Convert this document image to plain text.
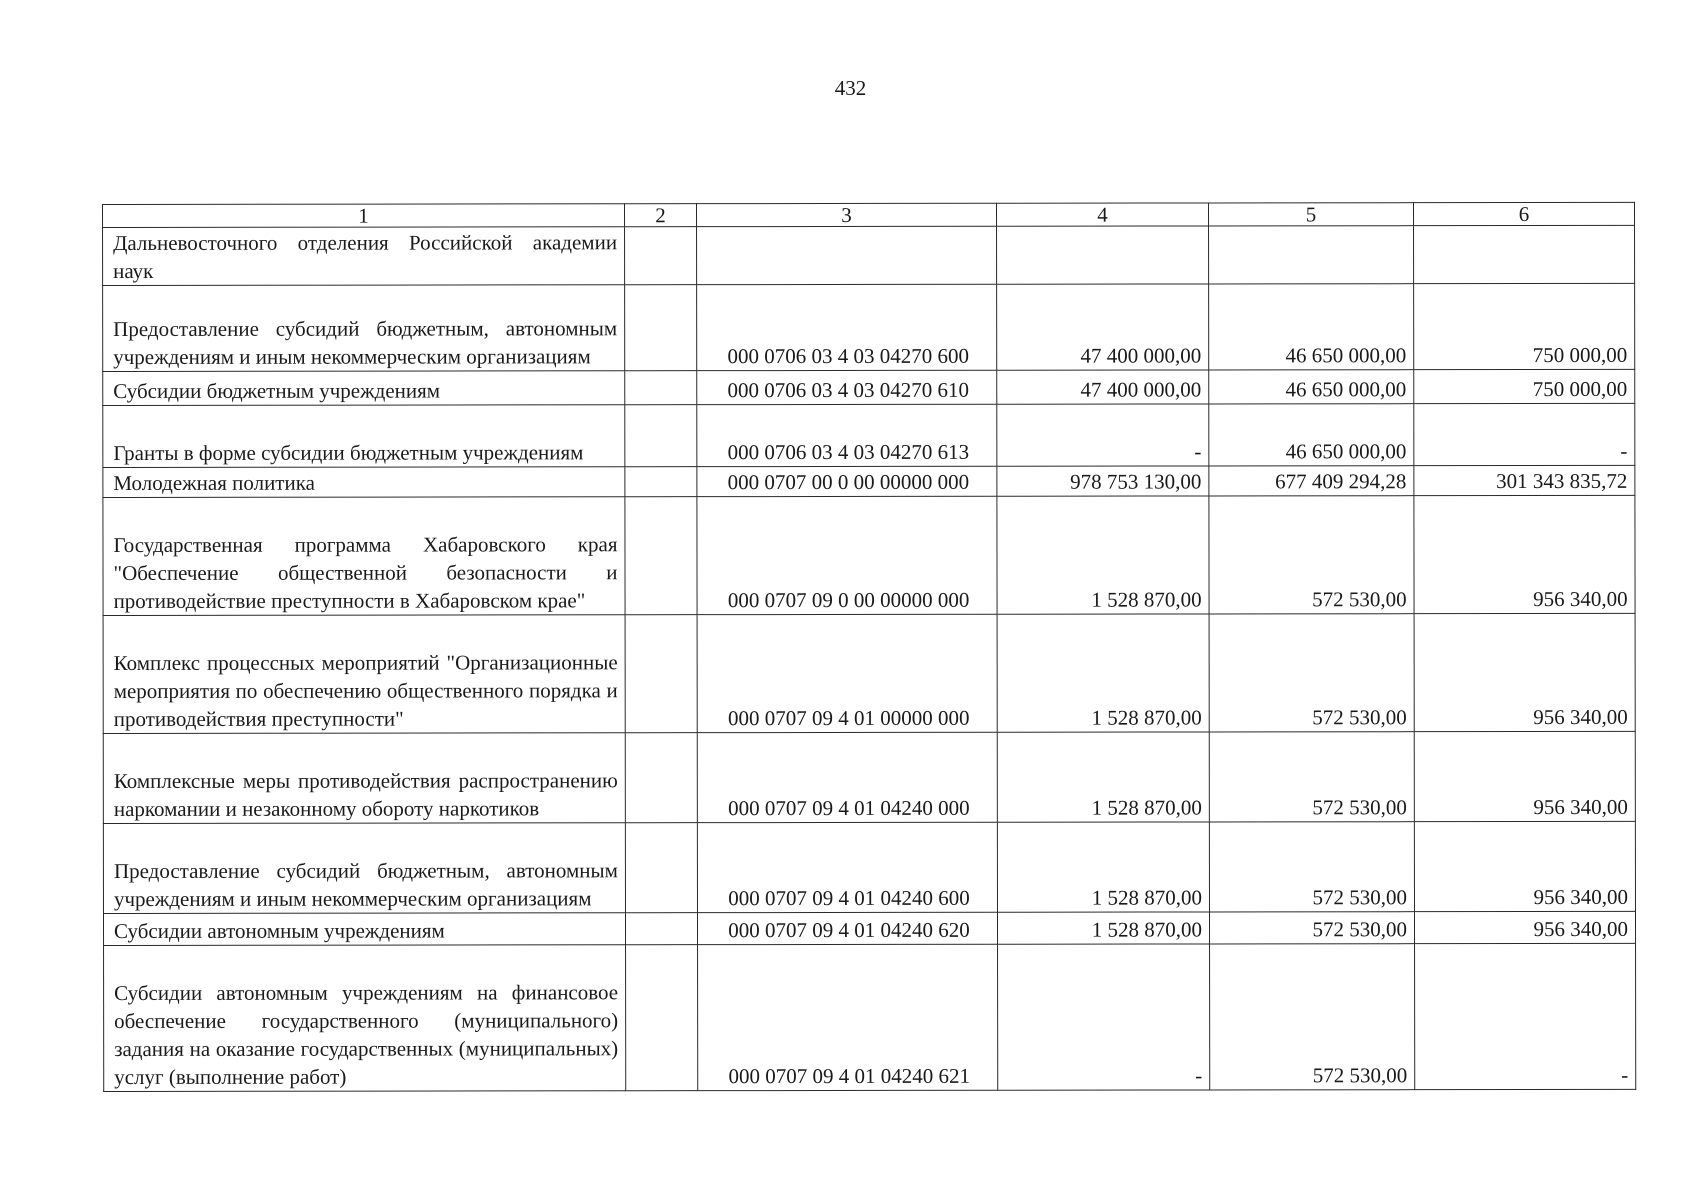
432
1	2	3	4	5	6
Дальневосточного отделения Российской академии наук					
Предоставление субсидий бюджетным, автономным учреждениям и иным некоммерческим организациям		000 0706 03 4 03 04270 600	47 400 000,00	46 650 000,00	750 000,00
Субсидии бюджетным учреждениям		000 0706 03 4 03 04270 610	47 400 000,00	46 650 000,00	750 000,00
Гранты в форме субсидии бюджетным учреждениям		000 0706 03 4 03 04270 613	-	46 650 000,00	-
Молодежная политика		000 0707 00 0 00 00000 000	978 753 130,00	677 409 294,28	301 343 835,72
Государственная программа Хабаровского края "Обеспечение общественной безопасности и противодействие преступности в Хабаровском крае"		000 0707 09 0 00 00000 000	1 528 870,00	572 530,00	956 340,00
Комплекс процессных мероприятий "Организационные мероприятия по обеспечению общественного порядка и противодействия преступности"		000 0707 09 4 01 00000 000	1 528 870,00	572 530,00	956 340,00
Комплексные меры противодействия распространению наркомании и незаконному обороту наркотиков		000 0707 09 4 01 04240 000	1 528 870,00	572 530,00	956 340,00
Предоставление субсидий бюджетным, автономным учреждениям и иным некоммерческим организациям		000 0707 09 4 01 04240 600	1 528 870,00	572 530,00	956 340,00
Субсидии автономным учреждениям		000 0707 09 4 01 04240 620	1 528 870,00	572 530,00	956 340,00
Субсидии автономным учреждениям на финансовое обеспечение государственного (муниципального) задания на оказание государственных (муниципальных) услуг (выполнение работ)		000 0707 09 4 01 04240 621	-	572 530,00	-
